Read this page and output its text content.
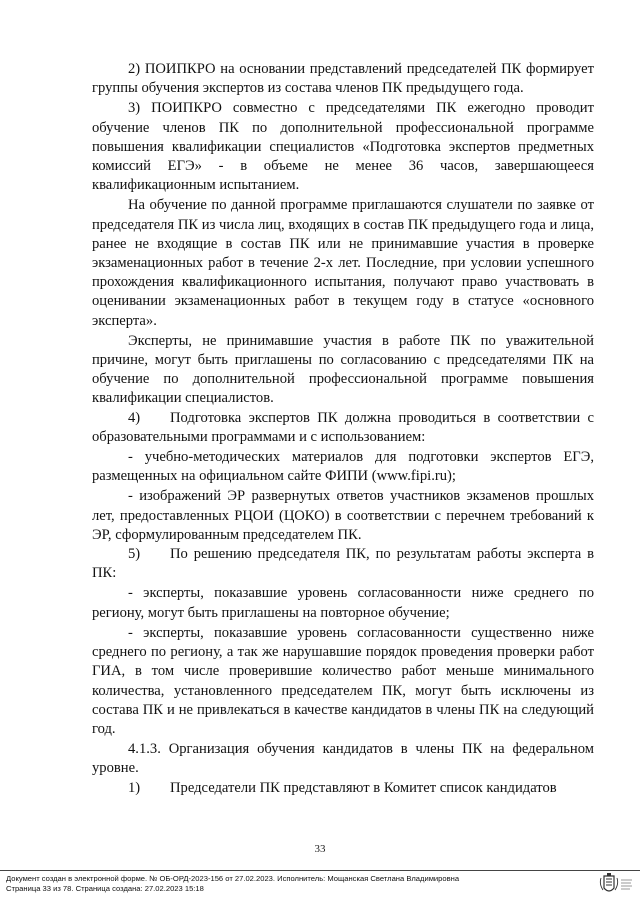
2) ПОИПКРО на основании представлений председателей ПК формирует группы обучения экспертов из состава членов ПК предыдущего года.

3) ПОИПКРО совместно с председателями ПК ежегодно проводит обучение членов ПК по дополнительной профессиональной программе повышения квалификации специалистов «Подготовка экспертов предметных комиссий ЕГЭ» - в объеме не менее 36 часов, завершающееся квалификационным испытанием.

На обучение по данной программе приглашаются слушатели по заявке от председателя ПК из числа лиц, входящих в состав ПК предыдущего года и лица, ранее не входящие в состав ПК или не принимавшие участия в проверке экзаменационных работ в течение 2-х лет. Последние, при условии успешного прохождения квалификационного испытания, получают право участвовать в оценивании экзаменационных работ в текущем году в статусе «основного эксперта».

Эксперты, не принимавшие участия в работе ПК по уважительной причине, могут быть приглашены по согласованию с председателями ПК на обучение по дополнительной профессиональной программе повышения квалификации специалистов.

4) Подготовка экспертов ПК должна проводиться в соответствии с образовательными программами и с использованием:

- учебно-методических материалов для подготовки экспертов ЕГЭ, размещенных на официальном сайте ФИПИ (www.fipi.ru);

- изображений ЭР развернутых ответов участников экзаменов прошлых лет, предоставленных РЦОИ (ЦОКО) в соответствии с перечнем требований к ЭР, сформулированным председателем ПК.

5) По решению председателя ПК, по результатам работы эксперта в ПК:

- эксперты, показавшие уровень согласованности ниже среднего по региону, могут быть приглашены на повторное обучение;

- эксперты, показавшие уровень согласованности существенно ниже среднего по региону, а так же нарушавшие порядок проведения проверки работ ГИА, в том числе проверившие количество работ меньше минимального количества, установленного председателем ПК, могут быть исключены из состава ПК и не привлекаться в качестве кандидатов в члены ПК на следующий год.

4.1.3. Организация обучения кандидатов в члены ПК на федеральном уровне.

1) Председатели ПК представляют в Комитет список кандидатов

33
Документ создан в электронной форме. № ОБ-ОРД-2023-156 от 27.02.2023. Исполнитель: Мощанская Светлана Владимировна
Страница 33 из 78. Страница создана: 27.02.2023 15:18
